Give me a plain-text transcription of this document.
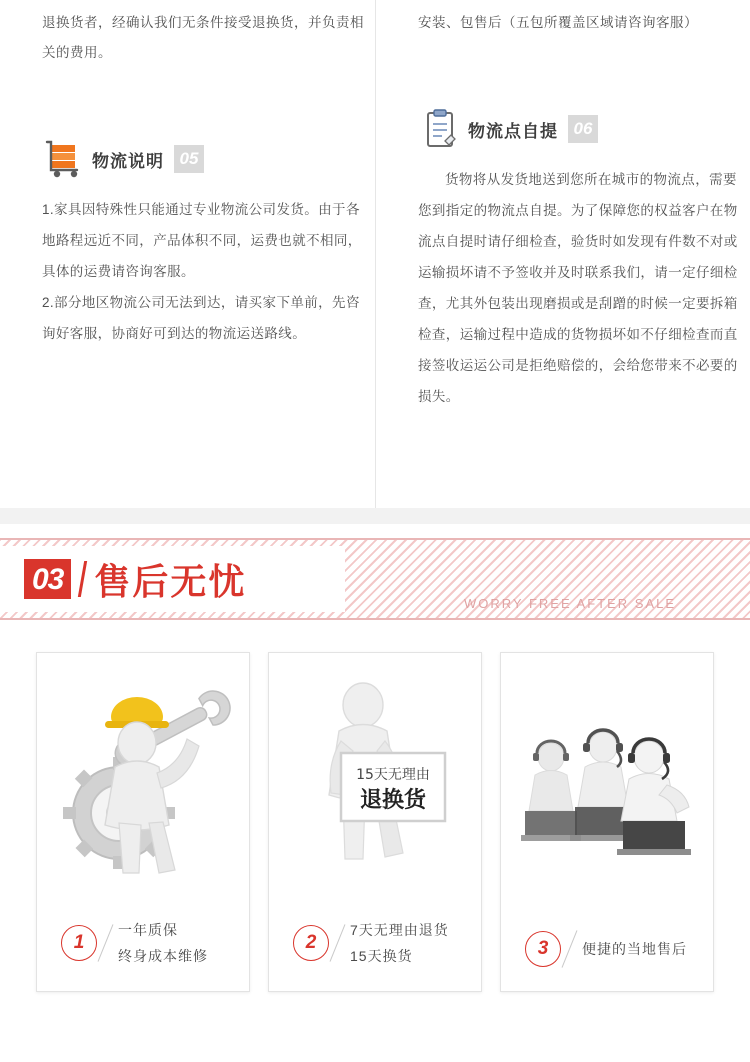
退换货者，经确认我们无条件接受退换货，并负责相关的费用。

物流说明 05

1.家具因特殊性只能通过专业物流公司发货。由于各地路程远近不同，产品体积不同，运费也就不相同，具体的运费请咨询客服。

2.部分地区物流公司无法到达，请买家下单前，先咨询好客服，协商好可到达的物流运送路线。

安装、包售后（五包所覆盖区域请咨询客服）

物流点自提 06

货物将从发货地送到您所在城市的物流点，需要您到指定的物流点自提。为了保障您的权益客户在物流点自提时请仔细检查，验货时如发现有件数不对或运输损坏请不予签收并及时联系我们，请一定仔细检查，尤其外包装出现磨损或是刮蹭的时候一定要拆箱检查，运输过程中造成的货物损坏如不仔细检查而直接签收运运公司是拒绝赔偿的，会给您带来不必要的损失。

03 售后无忧
WORRY FREE AFTER SALE
1
一年质保
终身成本维修
15天无理由
退换货
2
7天无理由退货
15天换货	3	便捷的当地售后
